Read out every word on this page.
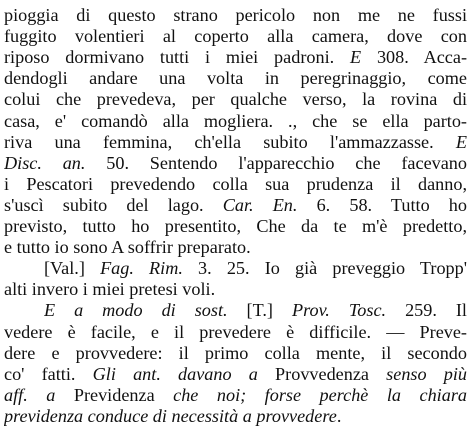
pioggia di questo strano pericolo non me ne fussi

fuggito volentieri al coperto alla camera, dove con

riposo dormivano tutti i miei padroni. E 308. Acca-

dendogli andare una volta in peregrinaggio, come

colui che prevedeva, per qualche verso, la rovina di

casa, e' comandò alla mogliera. ., che se ella parto-

riva una femmina, ch'ella subito l'ammazzasse. E

Disc. an. 50. Sentendo l'apparecchio che facevano

i Pescatori prevedendo colla sua prudenza il danno,

s'uscì subito del lago. Car. En. 6. 58. Tutto ho

previsto, tutto ho presentito, Che da te m'è predetto,

e tutto io sono A soffrir preparato.

[Val.] Fag. Rim. 3. 25. Io già preveggio Tropp'

alti invero i miei pretesi voli.

E a modo di sost. [T.] Prov. Tosc. 259. Il

vedere è facile, e il prevedere è difficile. — Preve-

dere e provvedere: il primo colla mente, il secondo

co' fatti. Gli ant. davano a Provvedenza senso più

aff. a Previdenza che noi; forse perchè la chiara

previdenza conduce di necessità a provvedere.
